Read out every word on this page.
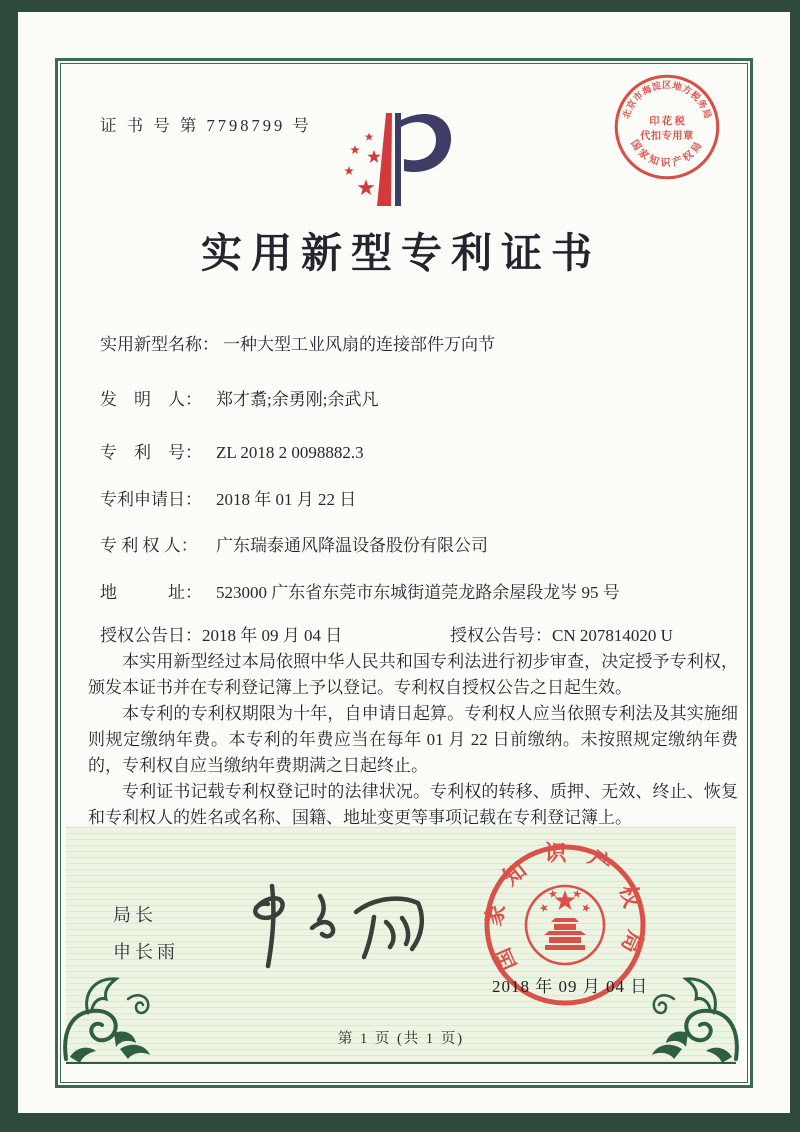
证 书 号 第 7798799 号
北京市海淀区地方税务局
印 花 税
代扣专用章
国家知识产权局
实用新型专利证书
实用新型名称： 一种大型工业风扇的连接部件万向节
发　明　人： 郑才翥;余勇刚;余武凡
专　利　号： ZL 2018 2 0098882.3
专利申请日： 2018 年 01 月 22 日
专 利 权 人： 广东瑞泰通风降温设备股份有限公司
地　　　址： 523000 广东省东莞市东城街道莞龙路余屋段龙岑 95 号
授权公告日：2018 年 09 月 04 日	授权公告号：CN 207814020 U

本实用新型经过本局依照中华人民共和国专利法进行初步审查，决定授予专利权，颁发本证书并在专利登记簿上予以登记。专利权自授权公告之日起生效。

本专利的专利权期限为十年，自申请日起算。专利权人应当依照专利法及其实施细则规定缴纳年费。本专利的年费应当在每年 01 月 22 日前缴纳。未按照规定缴纳年费的，专利权自应当缴纳年费期满之日起终止。

专利证书记载专利权登记时的法律状况。专利权的转移、质押、无效、终止、恢复和专利权人的姓名或名称、国籍、地址变更等事项记载在专利登记簿上。

局长
申长雨	国家知识产权局
2018 年 09 月 04 日
第 1 页 (共 1 页)
